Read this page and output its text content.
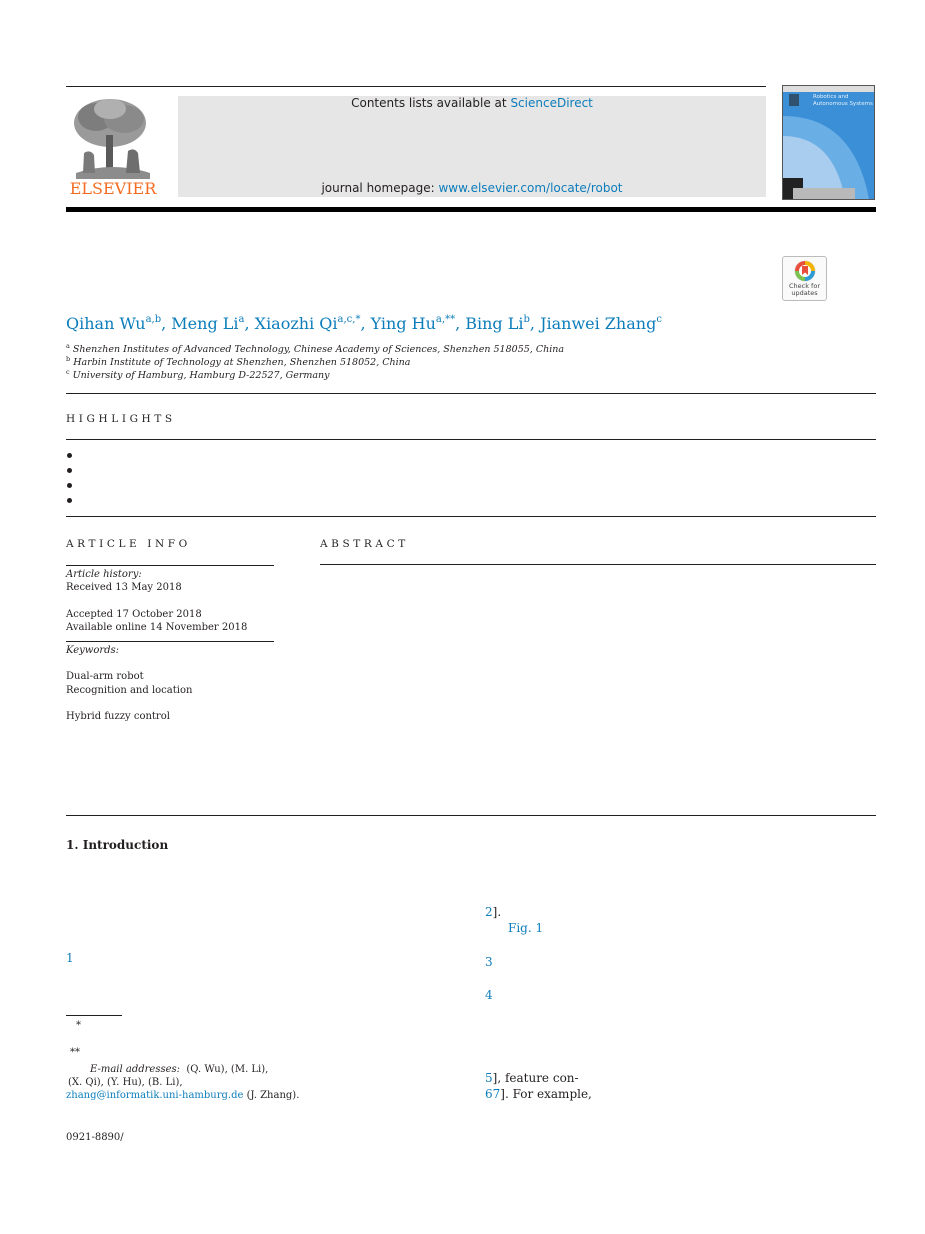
ELSEVIER
Contents lists available at ScienceDirect
journal homepage: www.elsevier.com/locate/robot
Robotics and
Autonomous Systems
Check for
updates
Qihan Wu$^{a,b}$, Meng Li$^a$, Xiaozhi $Qi^{a,c,*}$, Ying $Hu^{a,**}$, Bing Li$^b$, Jianwei Zhang$^c$
$^a$ Shenzhen Institutes of Advanced Technology, Chinese Academy of Sciences, Shenzhen 518055, China
$^b$ Harbin Institute of Technology at Shenzhen, Shenzhen 518052, China
$^c$ University of Hamburg, Hamburg D-22527, Germany
HIGHLIGHTS
ARTICLE INFO
Article history:
Received 13 May 2018
Accepted 17 October 2018
Available online 14 November 2018
Keywords:
Dual-arm robot
Recognition and location
Hybrid fuzzy control
ABSTRACT
1. Introduction
1
2].
Fig. 1
3
4
5], feature con-
67]. For example,
*
**
E-mail addresses: (Q. Wu), (M. Li),
(X. Qi), (Y. Hu), (B. Li),
zhang@informatik.uni-hamburg.de (J. Zhang).
0921-8890/
